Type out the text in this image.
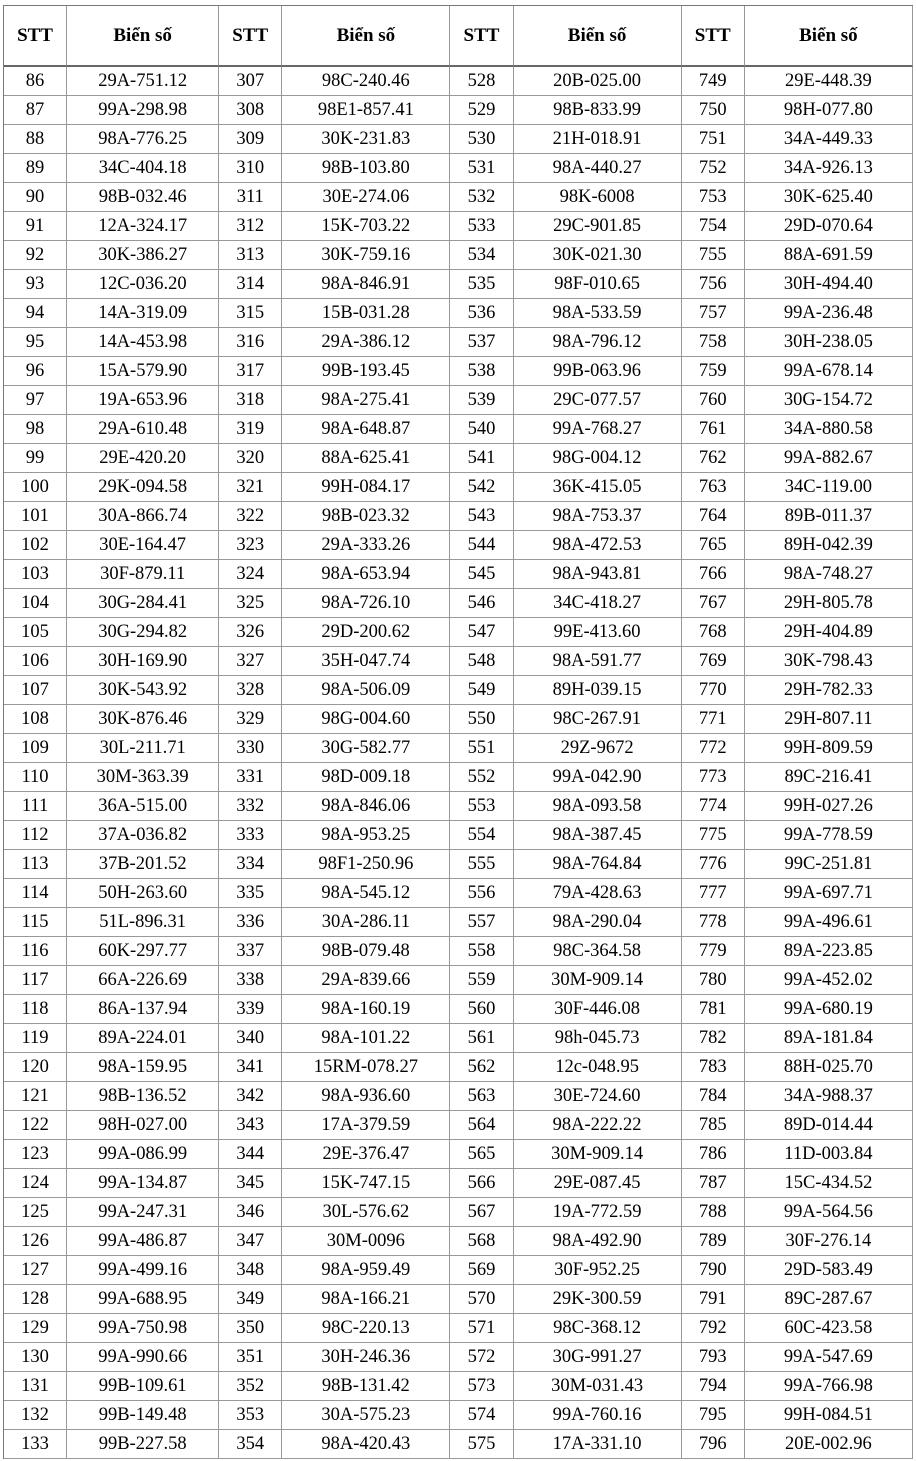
STT	Biển số	STT	Biển số	STT	Biển số	STT	Biển số
86	29A-751.12	307	98C-240.46	528	20B-025.00	749	29E-448.39
87	99A-298.98	308	98E1-857.41	529	98B-833.99	750	98H-077.80
88	98A-776.25	309	30K-231.83	530	21H-018.91	751	34A-449.33
89	34C-404.18	310	98B-103.80	531	98A-440.27	752	34A-926.13
90	98B-032.46	311	30E-274.06	532	98K-6008	753	30K-625.40
91	12A-324.17	312	15K-703.22	533	29C-901.85	754	29D-070.64
92	30K-386.27	313	30K-759.16	534	30K-021.30	755	88A-691.59
93	12C-036.20	314	98A-846.91	535	98F-010.65	756	30H-494.40
94	14A-319.09	315	15B-031.28	536	98A-533.59	757	99A-236.48
95	14A-453.98	316	29A-386.12	537	98A-796.12	758	30H-238.05
96	15A-579.90	317	99B-193.45	538	99B-063.96	759	99A-678.14
97	19A-653.96	318	98A-275.41	539	29C-077.57	760	30G-154.72
98	29A-610.48	319	98A-648.87	540	99A-768.27	761	34A-880.58
99	29E-420.20	320	88A-625.41	541	98G-004.12	762	99A-882.67
100	29K-094.58	321	99H-084.17	542	36K-415.05	763	34C-119.00
101	30A-866.74	322	98B-023.32	543	98A-753.37	764	89B-011.37
102	30E-164.47	323	29A-333.26	544	98A-472.53	765	89H-042.39
103	30F-879.11	324	98A-653.94	545	98A-943.81	766	98A-748.27
104	30G-284.41	325	98A-726.10	546	34C-418.27	767	29H-805.78
105	30G-294.82	326	29D-200.62	547	99E-413.60	768	29H-404.89
106	30H-169.90	327	35H-047.74	548	98A-591.77	769	30K-798.43
107	30K-543.92	328	98A-506.09	549	89H-039.15	770	29H-782.33
108	30K-876.46	329	98G-004.60	550	98C-267.91	771	29H-807.11
109	30L-211.71	330	30G-582.77	551	29Z-9672	772	99H-809.59
110	30M-363.39	331	98D-009.18	552	99A-042.90	773	89C-216.41
111	36A-515.00	332	98A-846.06	553	98A-093.58	774	99H-027.26
112	37A-036.82	333	98A-953.25	554	98A-387.45	775	99A-778.59
113	37B-201.52	334	98F1-250.96	555	98A-764.84	776	99C-251.81
114	50H-263.60	335	98A-545.12	556	79A-428.63	777	99A-697.71
115	51L-896.31	336	30A-286.11	557	98A-290.04	778	99A-496.61
116	60K-297.77	337	98B-079.48	558	98C-364.58	779	89A-223.85
117	66A-226.69	338	29A-839.66	559	30M-909.14	780	99A-452.02
118	86A-137.94	339	98A-160.19	560	30F-446.08	781	99A-680.19
119	89A-224.01	340	98A-101.22	561	98h-045.73	782	89A-181.84
120	98A-159.95	341	15RM-078.27	562	12c-048.95	783	88H-025.70
121	98B-136.52	342	98A-936.60	563	30E-724.60	784	34A-988.37
122	98H-027.00	343	17A-379.59	564	98A-222.22	785	89D-014.44
123	99A-086.99	344	29E-376.47	565	30M-909.14	786	11D-003.84
124	99A-134.87	345	15K-747.15	566	29E-087.45	787	15C-434.52
125	99A-247.31	346	30L-576.62	567	19A-772.59	788	99A-564.56
126	99A-486.87	347	30M-0096	568	98A-492.90	789	30F-276.14
127	99A-499.16	348	98A-959.49	569	30F-952.25	790	29D-583.49
128	99A-688.95	349	98A-166.21	570	29K-300.59	791	89C-287.67
129	99A-750.98	350	98C-220.13	571	98C-368.12	792	60C-423.58
130	99A-990.66	351	30H-246.36	572	30G-991.27	793	99A-547.69
131	99B-109.61	352	98B-131.42	573	30M-031.43	794	99A-766.98
132	99B-149.48	353	30A-575.23	574	99A-760.16	795	99H-084.51
133	99B-227.58	354	98A-420.43	575	17A-331.10	796	20E-002.96
